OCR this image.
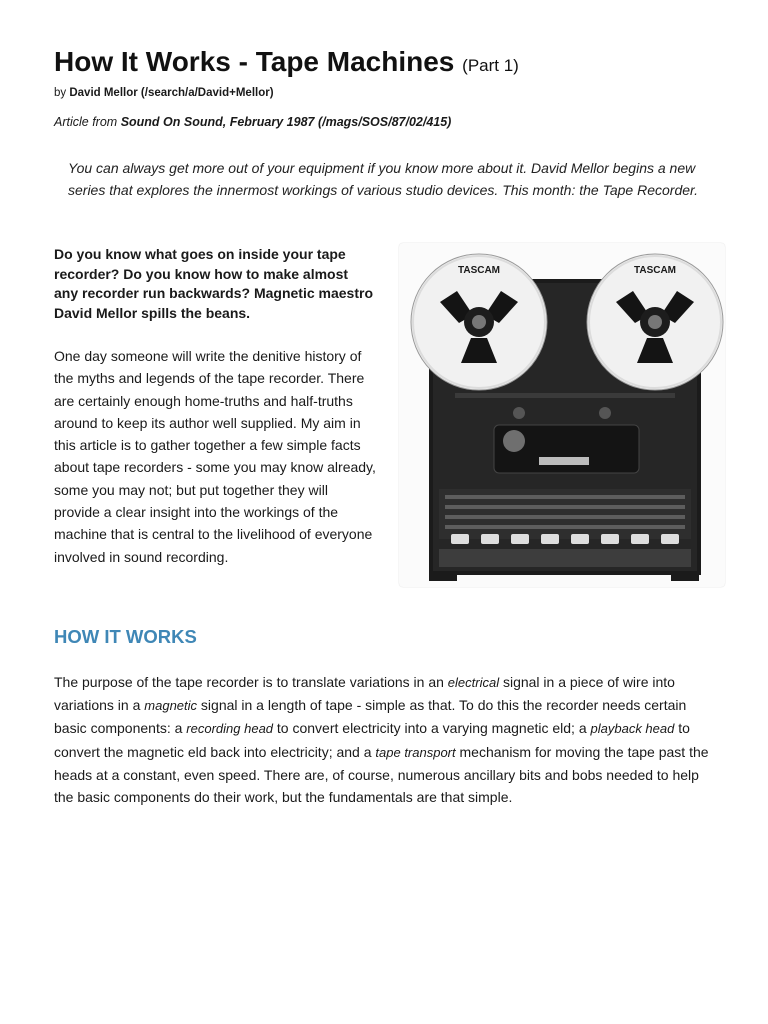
How It Works - Tape Machines (Part 1)
by David Mellor (/search/a/David+Mellor)
Article from Sound On Sound, February 1987 (/mags/SOS/87/02/415)

You can always get more out of your equipment if you know more about it. David Mellor begins a new series that explores the innermost workings of various studio devices. This month: the Tape Recorder.

Do you know what goes on inside your tape recorder? Do you know how to make almost any recorder run backwards? Magnetic maestro David Mellor spills the beans.

One day someone will write the denitive history of the myths and legends of the tape recorder. There are certainly enough home-truths and half-truths around to keep its author well supplied. My aim in this article is to gather together a few simple facts about tape recorders - some you may know already, some you may not; but put together they will provide a clear insight into the workings of the machine that is central to the livelihood of everyone involved in sound recording.

TASCAM	TASCAM
HOW IT WORKS

The purpose of the tape recorder is to translate variations in an electrical signal in a piece of wire into variations in a magnetic signal in a length of tape - simple as that. To do this the recorder needs certain basic components: a recording head to convert electricity into a varying magnetic eld; a playback head to convert the magnetic eld back into electricity; and a tape transport mechanism for moving the tape past the heads at a constant, even speed. There are, of course, numerous ancillary bits and bobs needed to help the basic components do their work, but the fundamentals are that simple.
